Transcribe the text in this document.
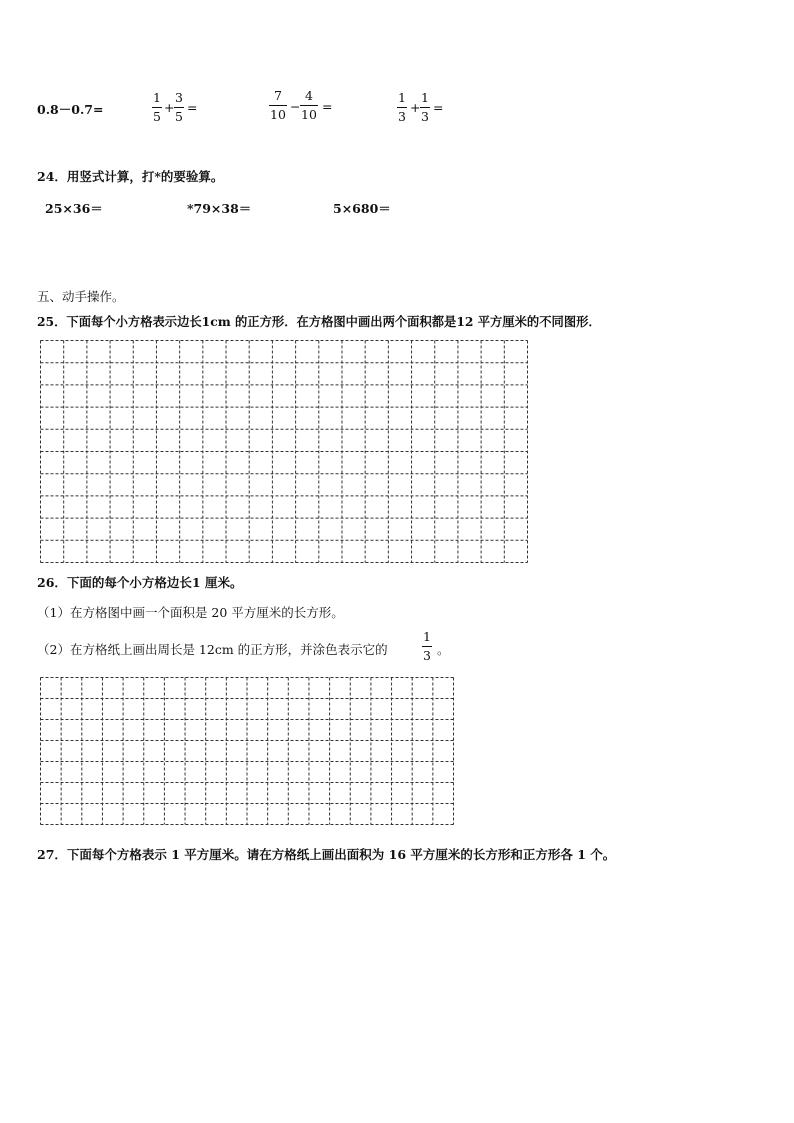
0.8－0.7=
1
5
+
3
5
=
7
10
−
4
10
=
1
3
+
1
3
=
24．用竖式计算，打*的要验算。
25×36＝	*79×38＝	5×680＝
五、动手操作。
25．下面每个小方格表示边长1cm 的正方形．在方格图中画出两个面积都是12 平方厘米的不同图形．
26．下面的每个小方格边长1 厘米。
（1）在方格图中画一个面积是 20 平方厘米的长方形。
（2）在方格纸上画出周长是 12cm 的正方形，并涂色表示它的
1
3 。
27．下面每个方格表示 1 平方厘米。请在方格纸上画出面积为 16 平方厘米的长方形和正方形各 1 个。
